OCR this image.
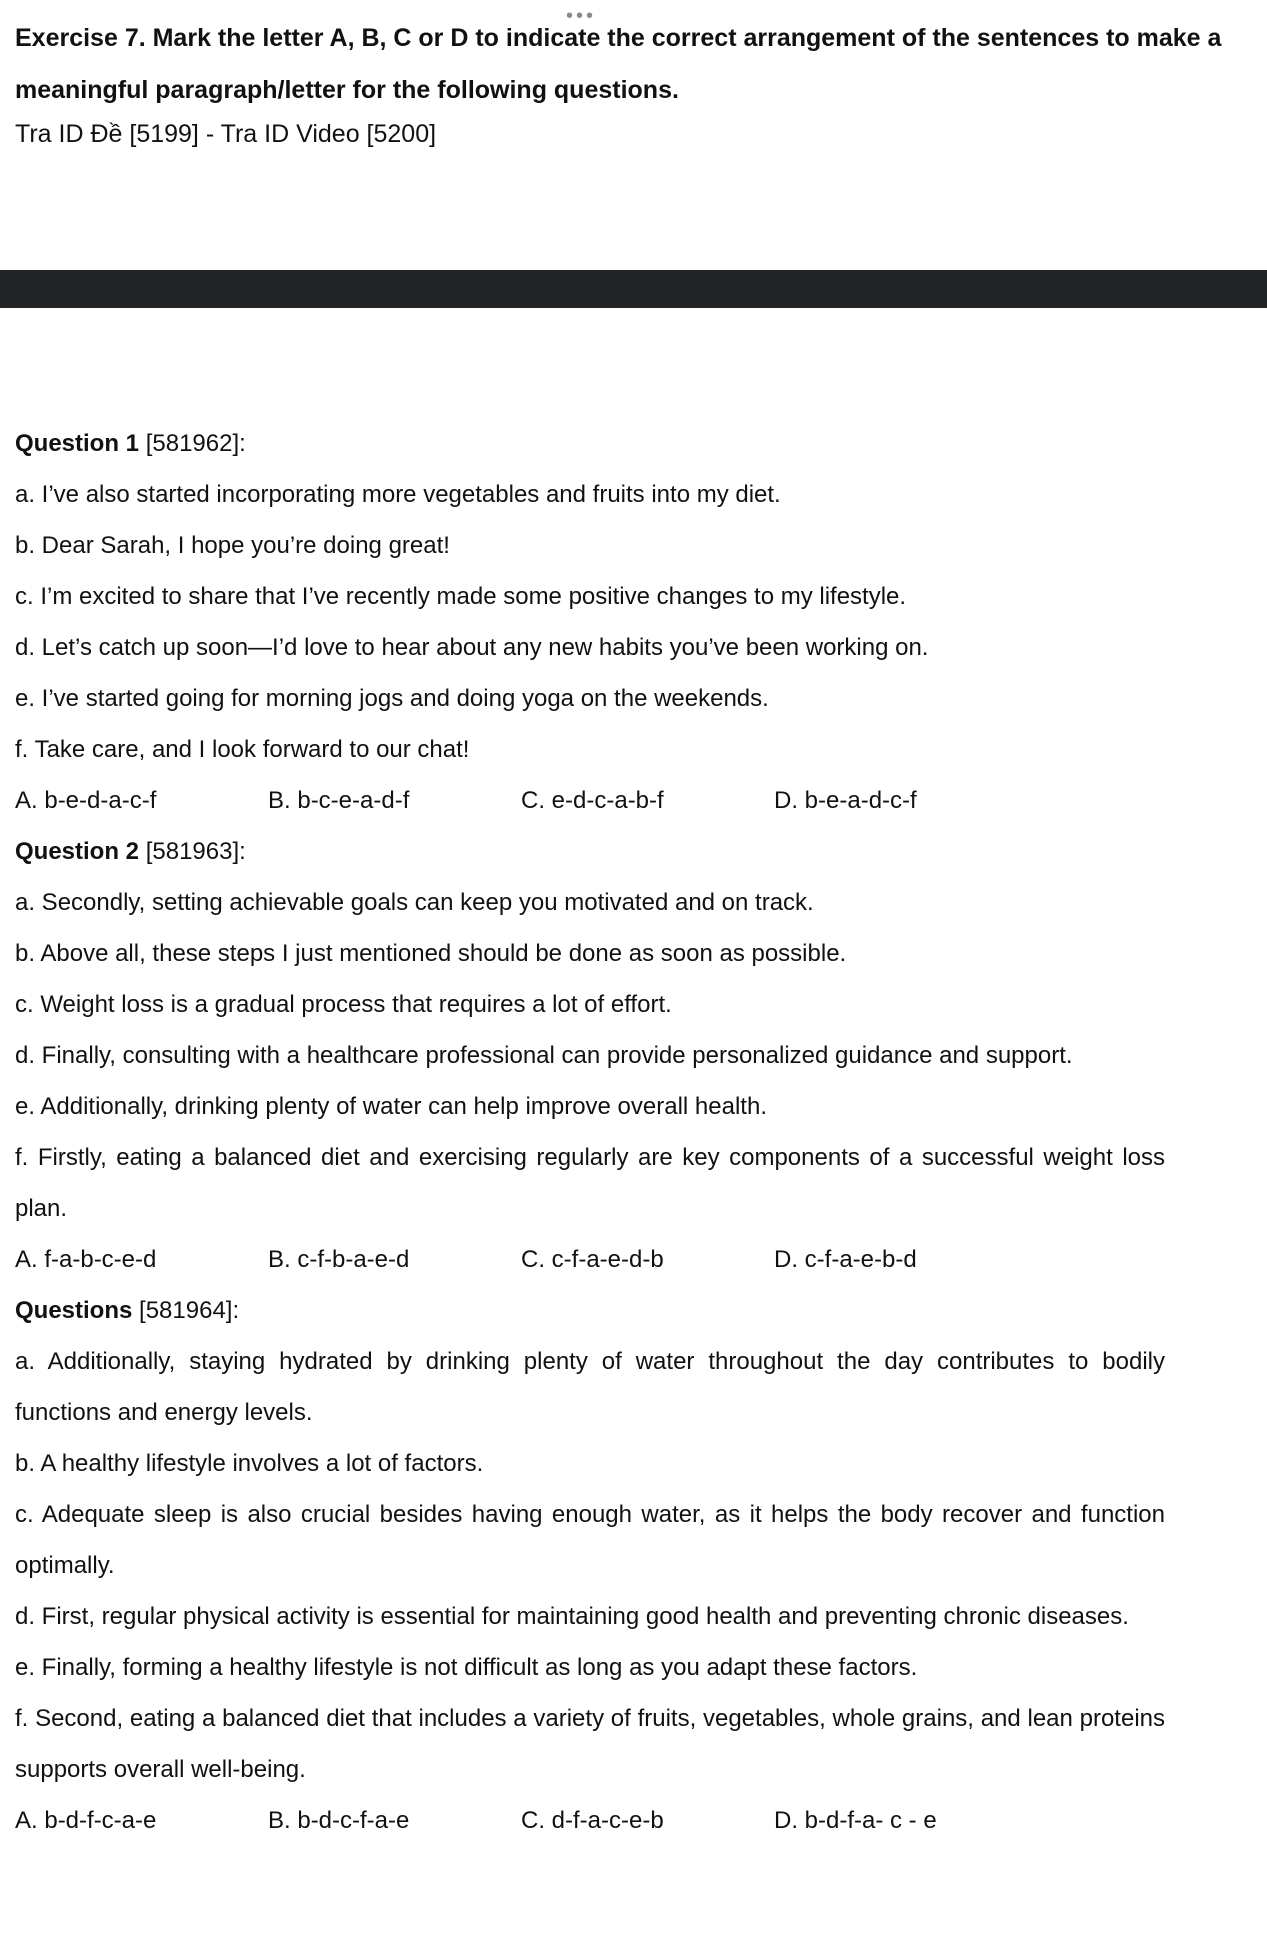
•••
Exercise 7. Mark the letter A, B, C or D to indicate the correct arrangement of the sentences to make a meaningful paragraph/letter for the following questions.
Tra ID Đề [5199] - Tra ID Video [5200]
Question 1 [581962]:
a. I’ve also started incorporating more vegetables and fruits into my diet.
b. Dear Sarah, I hope you’re doing great!
c. I’m excited to share that I’ve recently made some positive changes to my lifestyle.
d. Let’s catch up soon—I’d love to hear about any new habits you’ve been working on.
e. I’ve started going for morning jogs and doing yoga on the weekends.
f. Take care, and I look forward to our chat!
A. b-e-d-a-c-f	B. b-c-e-a-d-f	C. e-d-c-a-b-f	D. b-e-a-d-c-f
Question 2 [581963]:
a. Secondly, setting achievable goals can keep you motivated and on track.
b. Above all, these steps I just mentioned should be done as soon as possible.
c. Weight loss is a gradual process that requires a lot of effort.
d. Finally, consulting with a healthcare professional can provide personalized guidance and support.
e. Additionally, drinking plenty of water can help improve overall health.
f. Firstly, eating a balanced diet and exercising regularly are key components of a successful weight loss plan.
A. f-a-b-c-e-d	B. c-f-b-a-e-d	C. c-f-a-e-d-b	D. c-f-a-e-b-d
Questions [581964]:
a. Additionally, staying hydrated by drinking plenty of water throughout the day contributes to bodily functions and energy levels.
b. A healthy lifestyle involves a lot of factors.
c. Adequate sleep is also crucial besides having enough water, as it helps the body recover and function optimally.
d. First, regular physical activity is essential for maintaining good health and preventing chronic diseases.
e. Finally, forming a healthy lifestyle is not difficult as long as you adapt these factors.
f. Second, eating a balanced diet that includes a variety of fruits, vegetables, whole grains, and lean proteins supports overall well-being.
A. b-d-f-c-a-e	B. b-d-c-f-a-e	C. d-f-a-c-e-b	D. b-d-f-a- c - e
